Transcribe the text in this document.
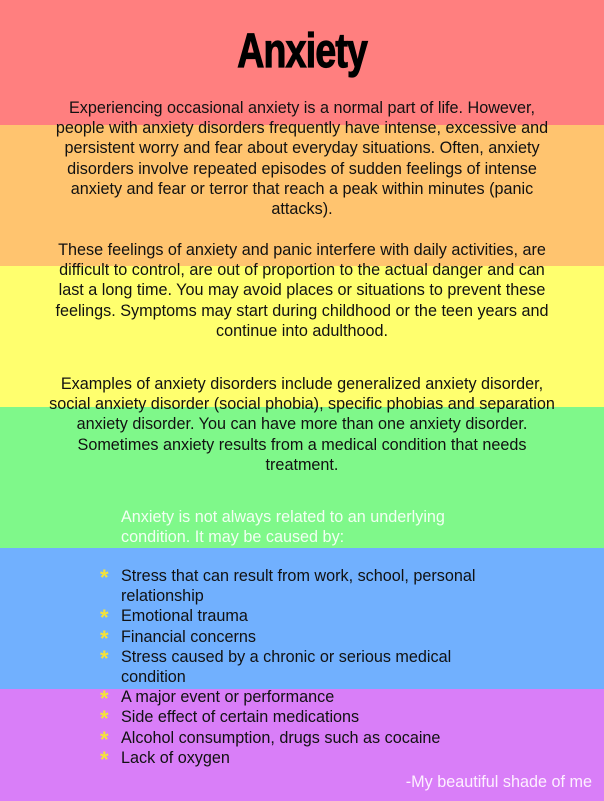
Anxiety

Experiencing occasional anxiety is a normal part of life. However,
people with anxiety disorders frequently have intense, excessive and
persistent worry and fear about everyday situations. Often, anxiety
disorders involve repeated episodes of sudden feelings of intense
anxiety and fear or terror that reach a peak within minutes (panic
attacks).

These feelings of anxiety and panic interfere with daily activities, are
difficult to control, are out of proportion to the actual danger and can
last a long time. You may avoid places or situations to prevent these
feelings. Symptoms may start during childhood or the teen years and
continue into adulthood.

Examples of anxiety disorders include generalized anxiety disorder,
social anxiety disorder (social phobia), specific phobias and separation
anxiety disorder. You can have more than one anxiety disorder.
Sometimes anxiety results from a medical condition that needs
treatment.

Anxiety is not always related to an underlying
condition. It may be caused by:

* Stress that can result from work, school, personal
relationship
* Emotional trauma
* Financial concerns
* Stress caused by a chronic or serious medical
condition
* A major event or performance
* Side effect of certain medications
* Alcohol consumption, drugs such as cocaine
* Lack of oxygen
-My beautiful shade of me
